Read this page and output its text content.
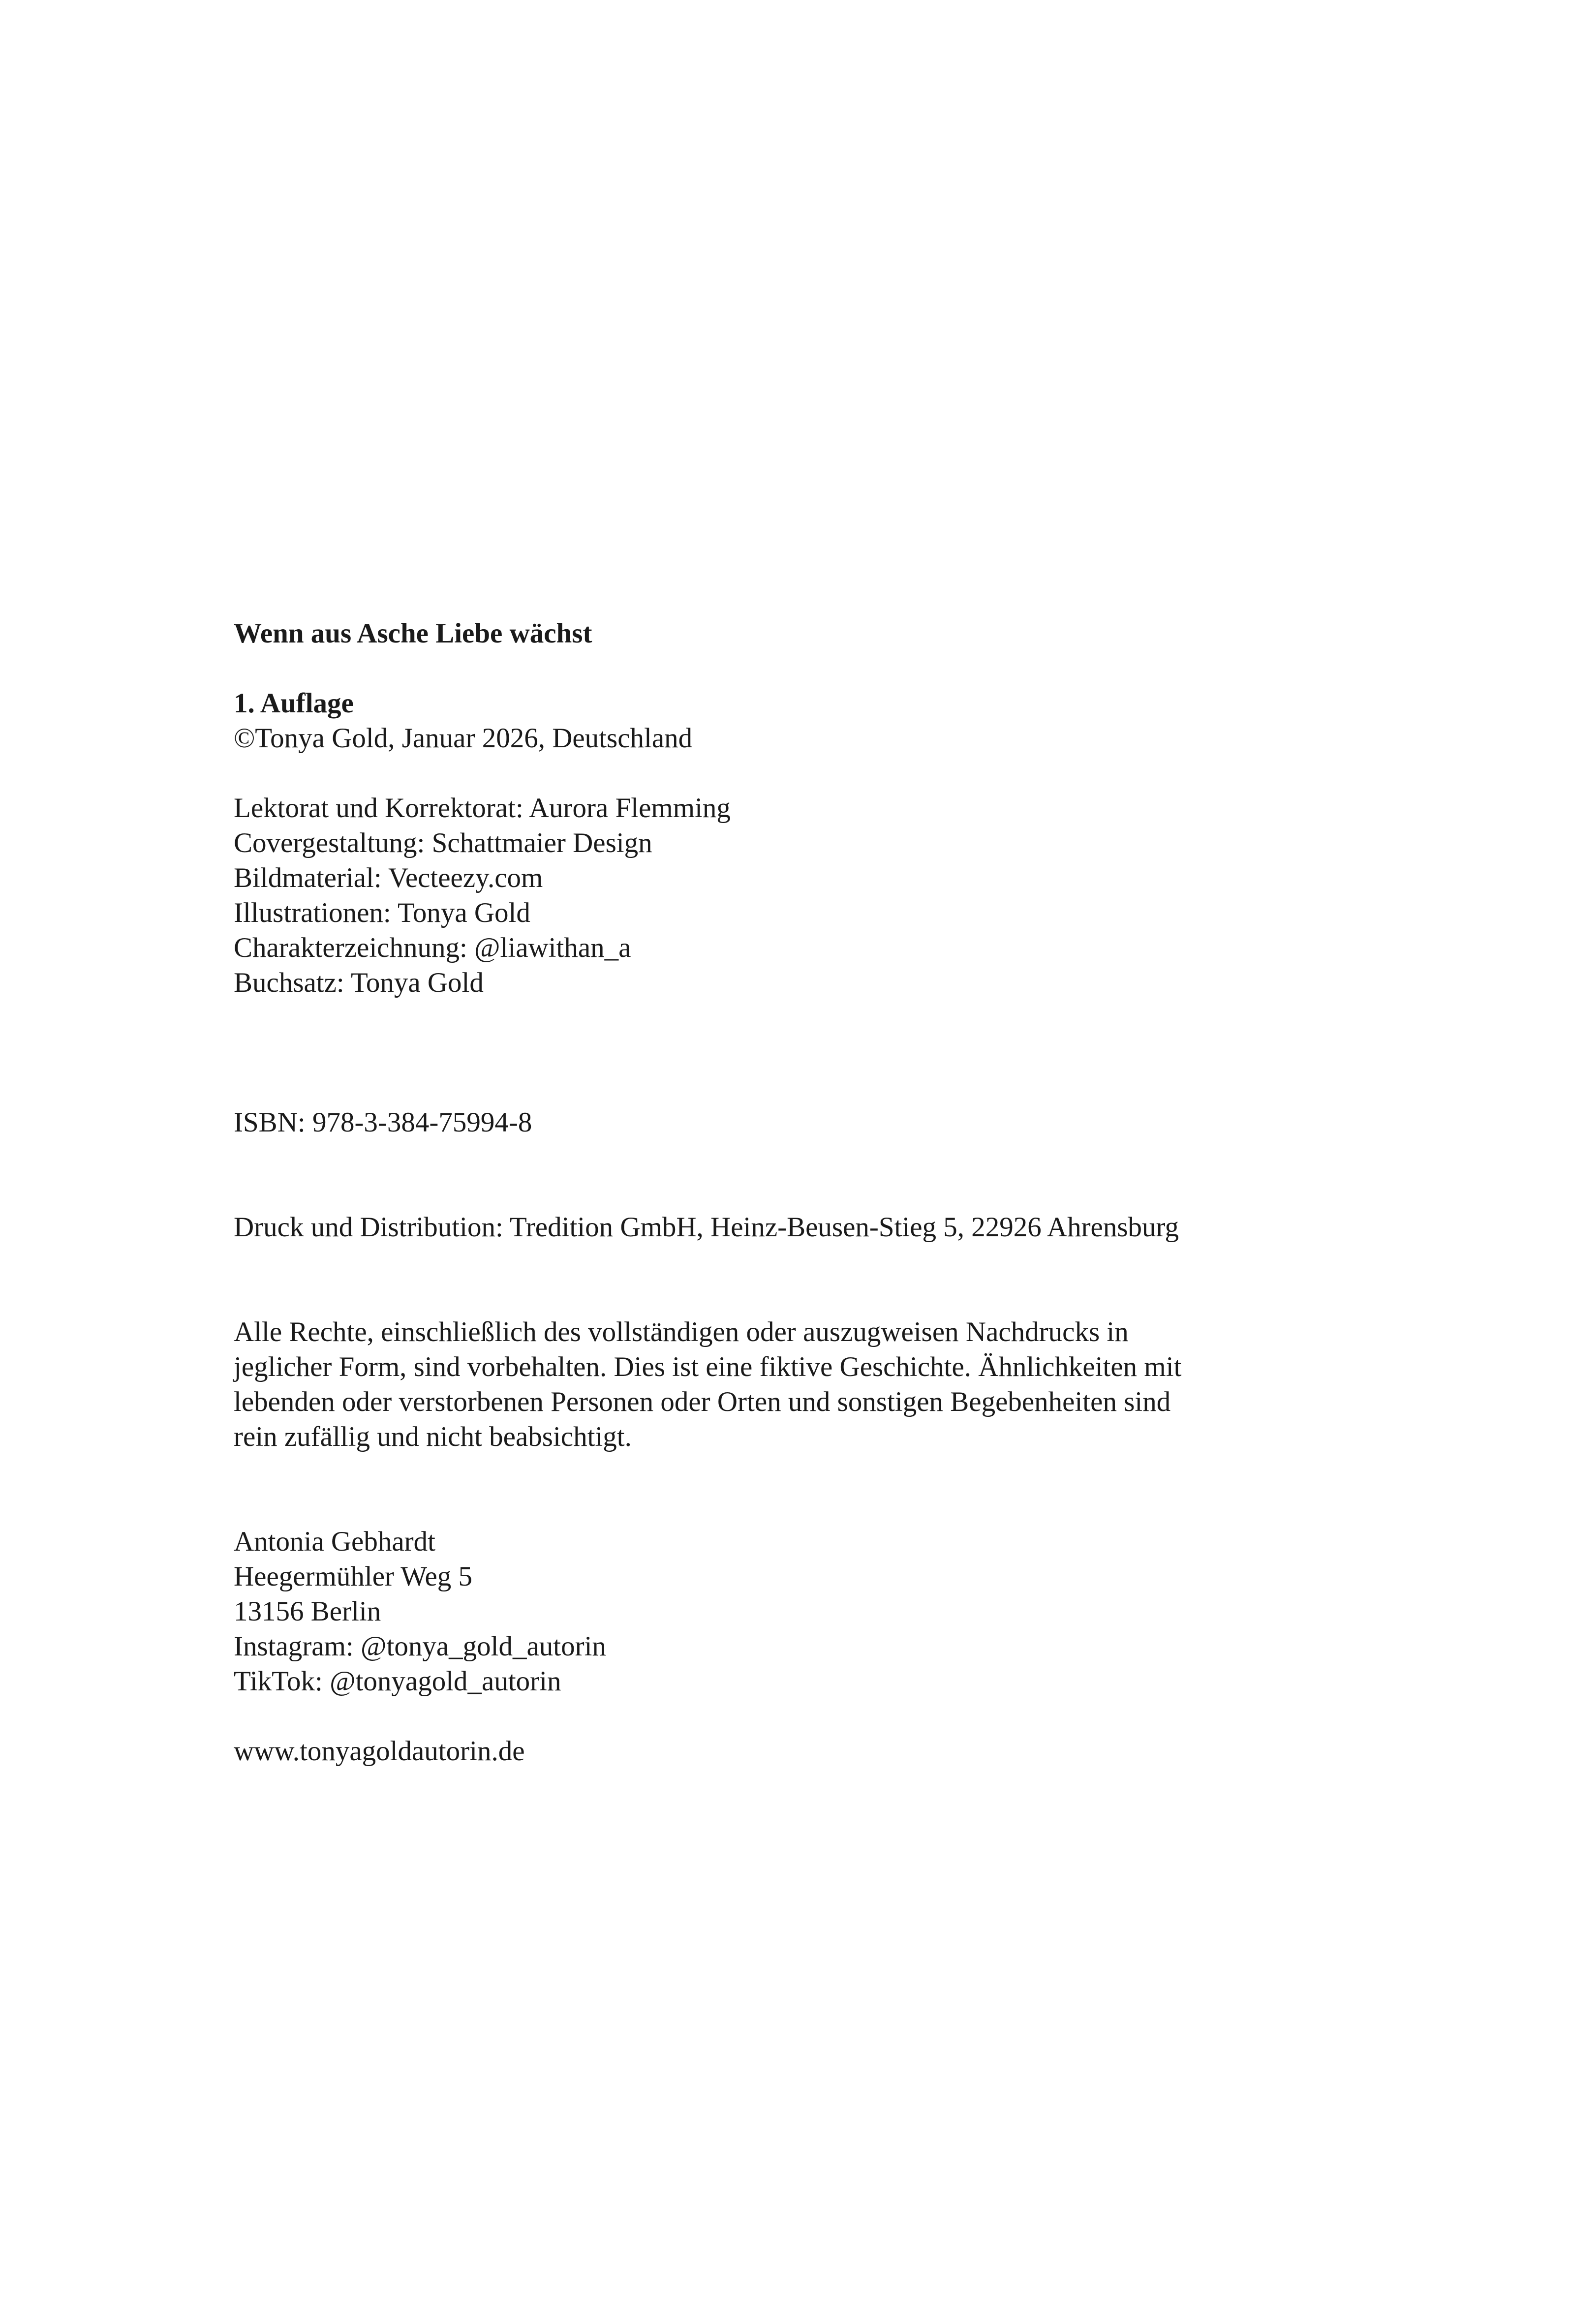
Wenn aus Asche Liebe wächst
1. Auflage
©Tonya Gold, Januar 2026, Deutschland
Lektorat und Korrektorat: Aurora Flemming
Covergestaltung: Schattmaier Design
Bildmaterial: Vecteezy.com
Illustrationen: Tonya Gold
Charakterzeichnung: @liawithan_a
Buchsatz: Tonya Gold
ISBN: 978-3-384-75994-8
Druck und Distribution: Tredition GmbH, Heinz-Beusen-Stieg 5, 22926 Ahrensburg
Alle Rechte, einschließlich des vollständigen oder auszugweisen Nachdrucks in
jeglicher Form, sind vorbehalten. Dies ist eine fiktive Geschichte. Ähnlichkeiten mit
lebenden oder verstorbenen Personen oder Orten und sonstigen Begebenheiten sind
rein zufällig und nicht beabsichtigt.
Antonia Gebhardt
Heegermühler Weg 5
13156 Berlin
Instagram: @tonya_gold_autorin
TikTok: @tonyagold_autorin
www.tonyagoldautorin.de
